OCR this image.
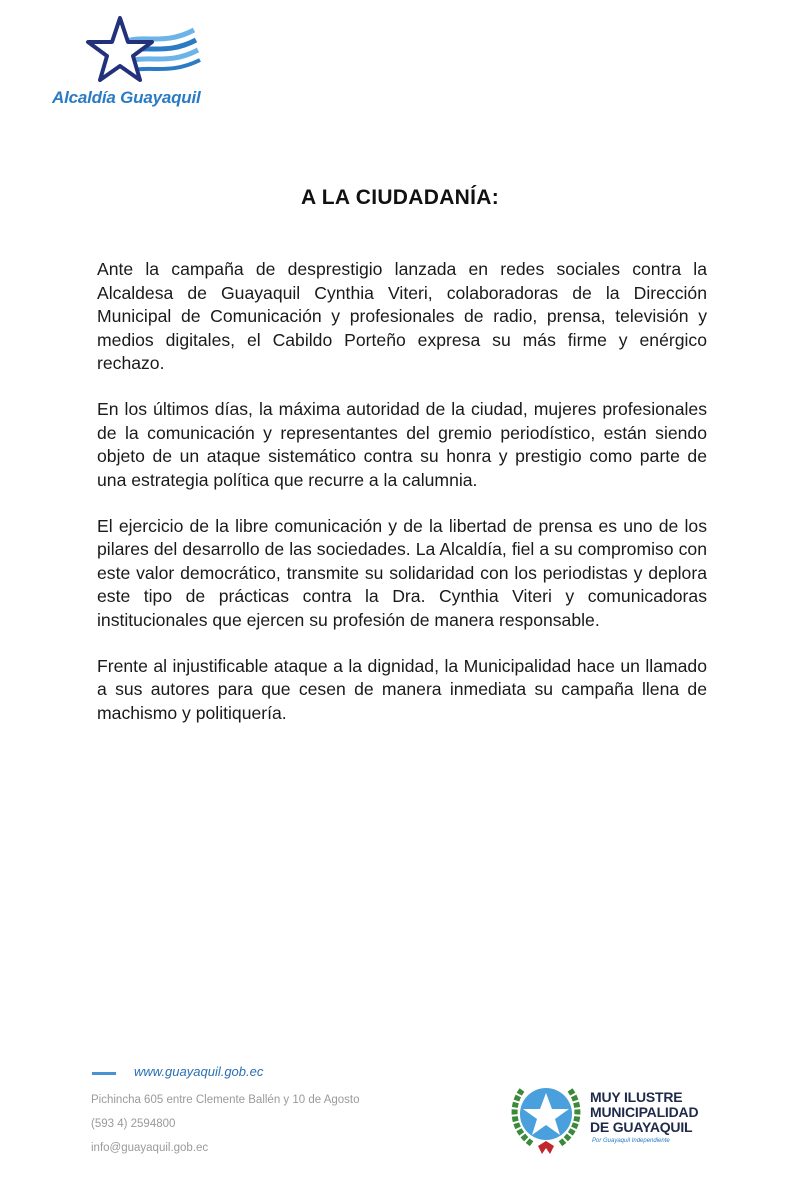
Alcaldía Guayaquil
A LA CIUDADANÍA:

Ante la campaña de desprestigio lanzada en redes sociales contra la Alcaldesa de Guayaquil Cynthia Viteri, colaboradoras de la Dirección Municipal de Comunicación y profesionales de radio, prensa, televisión y medios digitales, el Cabildo Porteño expresa su más firme y enérgico rechazo.

En los últimos días, la máxima autoridad de la ciudad, mujeres profesionales de la comunicación y representantes del gremio periodístico, están siendo objeto de un ataque sistemático contra su honra y prestigio como parte de una estrategia política que recurre a la calumnia.

El ejercicio de la libre comunicación y de la libertad de prensa es uno de los pilares del desarrollo de las sociedades. La Alcaldía, fiel a su compromiso con este valor democrático, transmite su solidaridad con los periodistas y deplora este tipo de prácticas contra la Dra. Cynthia Viteri y comunicadoras institucionales que ejercen su profesión de manera responsable.

Frente al injustificable ataque a la dignidad, la Municipalidad hace un llamado a sus autores para que cesen de manera inmediata su campaña llena de machismo y politiquería.

www.guayaquil.gob.ec
Pichincha 605 entre Clemente Ballén y 10 de Agosto
(593 4) 2594800
info@guayaquil.gob.ec
MUY ILUSTRE
MUNICIPALIDAD
DE GUAYAQUIL
Por Guayaquil Independiente
